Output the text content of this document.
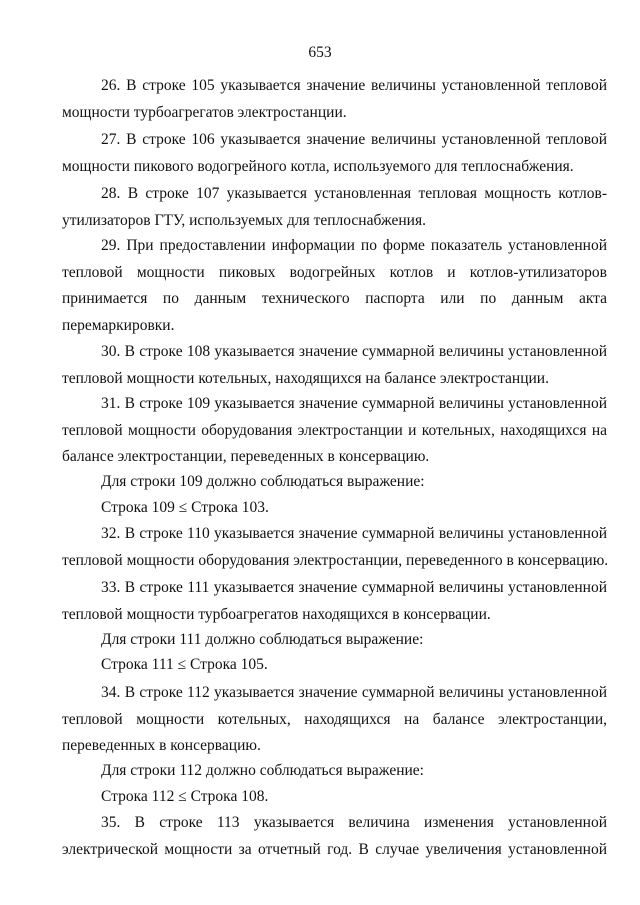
653
26. В строке 105 указывается значение величины установленной тепловой
мощности турбоагрегатов электростанции.
27. В строке 106 указывается значение величины установленной тепловой
мощности пикового водогрейного котла, используемого для теплоснабжения.
28. В строке 107 указывается установленная тепловая мощность котлов-
утилизаторов ГТУ, используемых для теплоснабжения.
29. При предоставлении информации по форме показатель установленной
тепловой мощности пиковых водогрейных котлов и котлов-утилизаторов
принимается по данным технического паспорта или по данным акта
перемаркировки.
30. В строке 108 указывается значение суммарной величины установленной
тепловой мощности котельных, находящихся на балансе электростанции.
31. В строке 109 указывается значение суммарной величины установленной
тепловой мощности оборудования электростанции и котельных, находящихся на
балансе электростанции, переведенных в консервацию.
Для строки 109 должно соблюдаться выражение:
Строка 109 ≤ Строка 103.
32. В строке 110 указывается значение суммарной величины установленной
тепловой мощности оборудования электростанции, переведенного в консервацию.
33. В строке 111 указывается значение суммарной величины установленной
тепловой мощности турбоагрегатов находящихся в консервации.
Для строки 111 должно соблюдаться выражение:
Строка 111 ≤ Строка 105.
34. В строке 112 указывается значение суммарной величины установленной
тепловой мощности котельных, находящихся на балансе электростанции,
переведенных в консервацию.
Для строки 112 должно соблюдаться выражение:
Строка 112 ≤ Строка 108.
35. В строке 113 указывается величина изменения установленной
электрической мощности за отчетный год. В случае увеличения установленной
